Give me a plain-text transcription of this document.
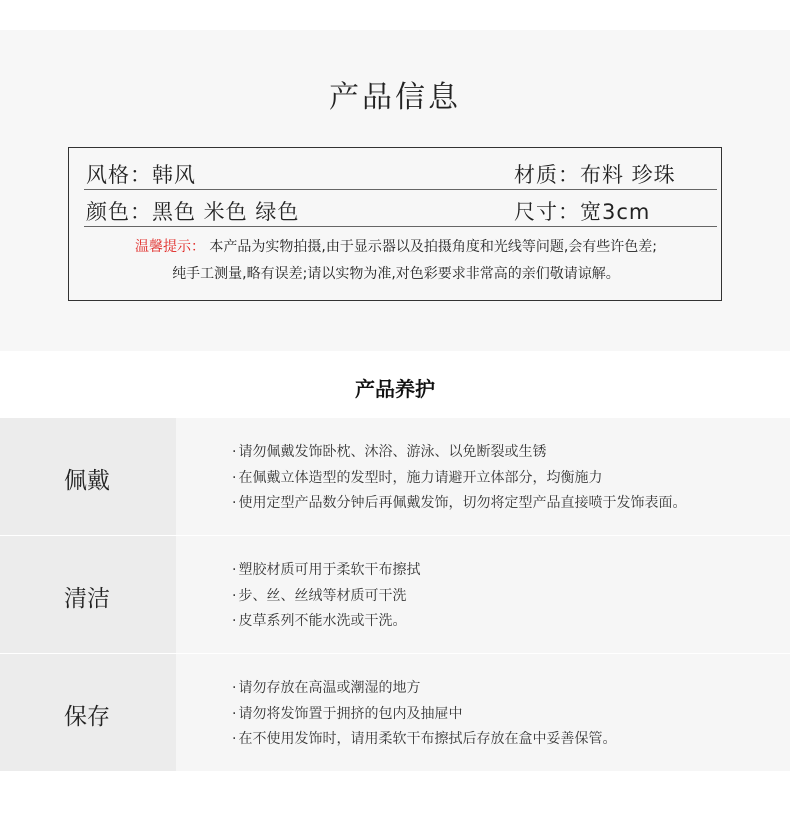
产品信息
风格：韩风	材质：布料 珍珠
颜色：黑色 米色 绿色	尺寸：宽3cm
温馨提示： 本产品为实物拍摄,由于显示器以及拍摄角度和光线等问题,会有些许色差;
纯手工测量,略有误差;请以实物为准,对色彩要求非常高的亲们敬请谅解。
产品养护
佩戴
· 请勿佩戴发饰卧枕、沐浴、游泳、以免断裂或生锈
· 在佩戴立体造型的发型时，施力请避开立体部分，均衡施力
· 使用定型产品数分钟后再佩戴发饰，切勿将定型产品直接喷于发饰表面。
清洁
· 塑胶材质可用于柔软干布擦拭
· 步、丝、丝绒等材质可干洗
· 皮草系列不能水洗或干洗。
保存
· 请勿存放在高温或潮湿的地方
· 请勿将发饰置于拥挤的包内及抽屉中
· 在不使用发饰时，请用柔软干布擦拭后存放在盒中妥善保管。
